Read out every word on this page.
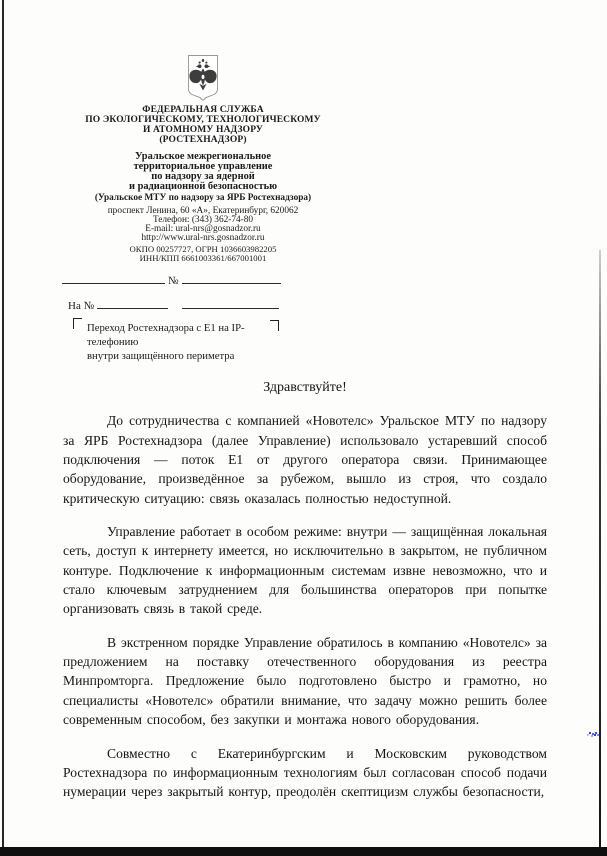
ФЕДЕРАЛЬНАЯ СЛУЖБА
ПО ЭКОЛОГИЧЕСКОМУ, ТЕХНОЛОГИЧЕСКОМУ
И АТОМНОМУ НАДЗОРУ
(РОСТЕХНАДЗОР)
Уральское межрегиональное
территориальное управление
по надзору за ядерной
и радиационной безопасностью
(Уральское МТУ по надзору за ЯРБ Ростехнадзора)
проспект Ленина, 60 «А», Екатеринбург, 620062
Телефон: (343) 362-74-80
E-mail: ural-nrs@gosnadzor.ru
http://www.ural-nrs.gosnadzor.ru
ОКПО 00257727, ОГРН 1036603982205
ИНН/КПП 6661003361/667001001
№
На №
Переход Ростехнадзора с Е1 на IP-телефонию
внутри защищённого периметра
Здравствуйте!

До сотрудничества с компанией «Новотелс» Уральское МТУ по надзору за ЯРБ Ростехнадзора (далее Управление) использовало устаревший способ подключения — поток Е1 от другого оператора связи. Принимающее оборудование, произведённое за рубежом, вышло из строя, что создало критическую ситуацию: связь оказалась полностью недоступной.

Управление работает в особом режиме: внутри — защищённая локальная сеть, доступ к интернету имеется, но исключительно в закрытом, не публичном контуре. Подключение к информационным системам извне невозможно, что и стало ключевым затруднением для большинства операторов при попытке организовать связь в такой среде.

В экстренном порядке Управление обратилось в компанию «Новотелс» за предложением на поставку отечественного оборудования из реестра Минпромторга. Предложение было подготовлено быстро и грамотно, но специалисты «Новотелс» обратили внимание, что задачу можно решить более современным способом, без закупки и монтажа нового оборудования.

Совместно с Екатеринбургским и Московским руководством Ростехнадзора по информационным технологиям был согласован способ подачи нумерации через закрытый контур, преодолён скептицизм службы безопасности,
